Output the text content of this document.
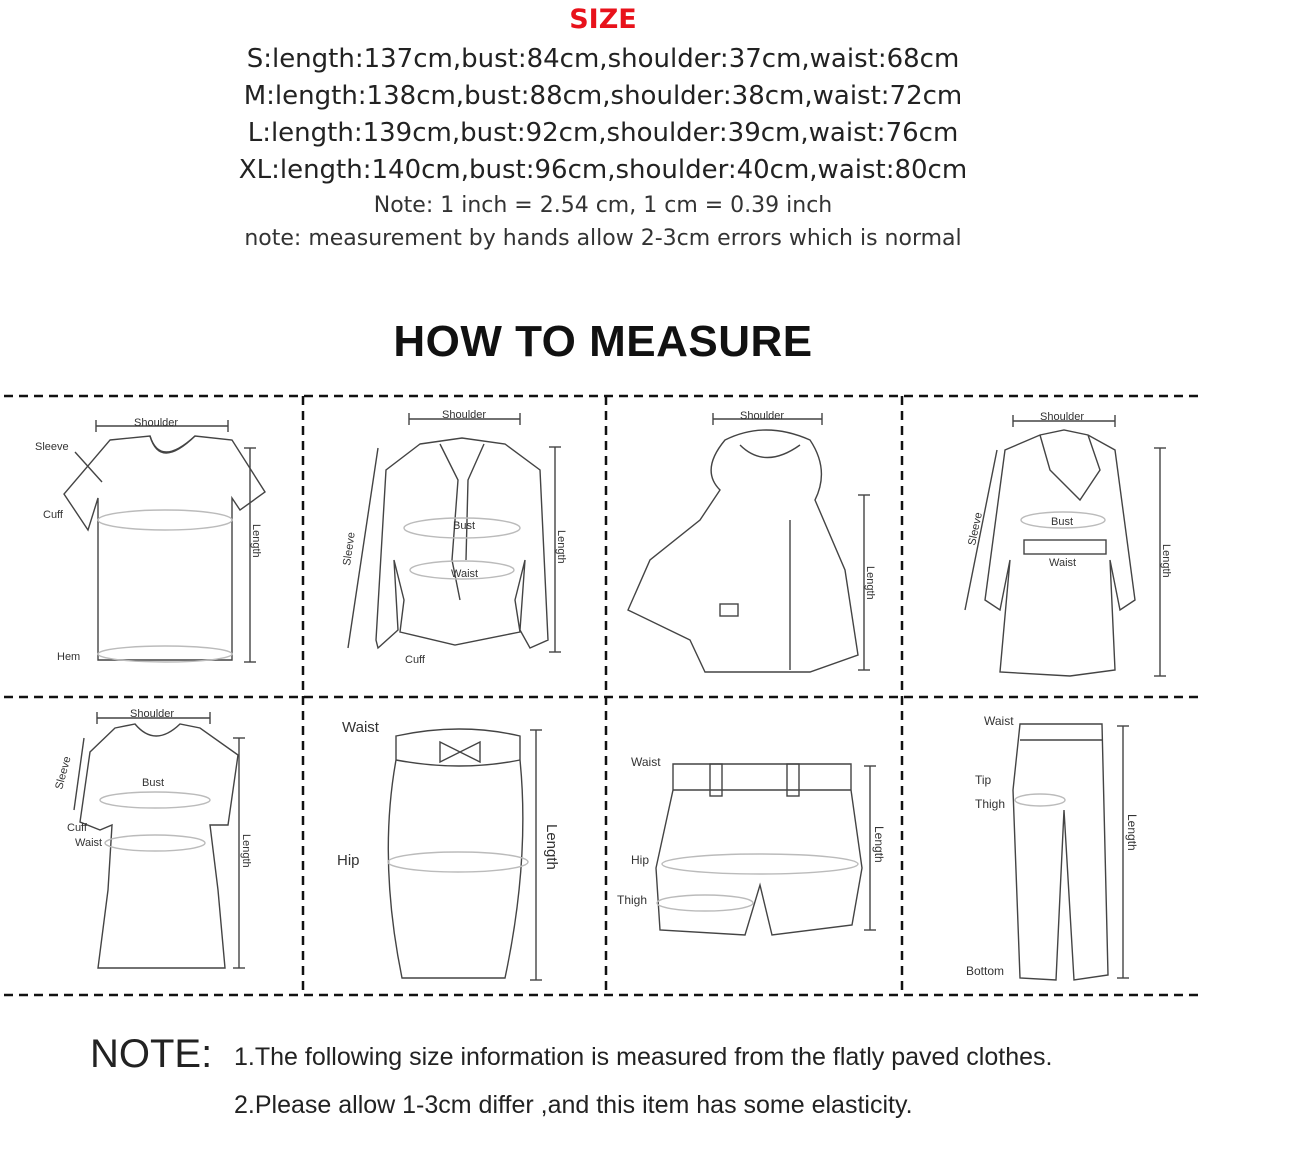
SIZE
S:length:137cm,bust:84cm,shoulder:37cm,waist:68cm
M:length:138cm,bust:88cm,shoulder:38cm,waist:72cm
L:length:139cm,bust:92cm,shoulder:39cm,waist:76cm
XL:length:140cm,bust:96cm,shoulder:40cm,waist:80cm
Note: 1 inch = 2.54 cm, 1 cm = 0.39 inch
note: measurement by hands allow 2-3cm errors which is normal
HOW TO MEASURE
Shoulder
Sleeve
Cuff
Hem
Length
Shoulder
Sleeve
Bust
Waist
Length
Cuff
Shoulder
Length
Shoulder
Sleeve	Bust
Waist	Length
Shoulder
Sleeve	Bust
Cuff
Waist	Length
Waist
Hip	Length
Waist
Hip
Thigh
Length
Waist
Tip
Thigh
Length
Bottom
NOTE: 1.The following size information is measured from the flatly paved clothes.
2.Please allow 1-3cm differ ,and this item has some elasticity.
